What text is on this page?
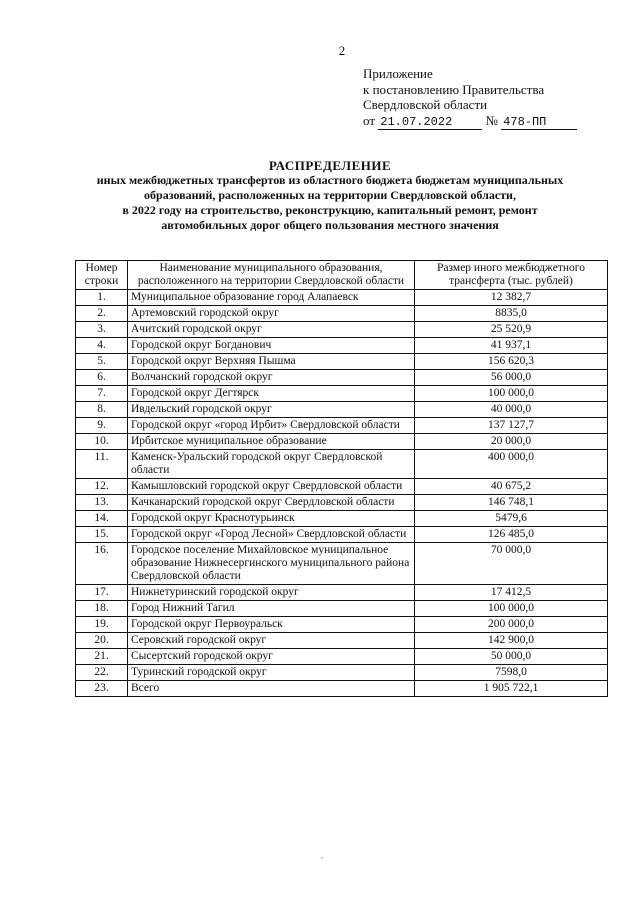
2
Приложение
к постановлению Правительства
Свердловской области
от 21.07.2022	№ 478-ПП
РАСПРЕДЕЛЕНИЕ
иных межбюджетных трансфертов из областного бюджета бюджетам муниципальных
образований, расположенных на территории Свердловской области,
в 2022 году на строительство, реконструкцию, капитальный ремонт, ремонт
автомобильных дорог общего пользования местного значения
Номер строки	Наименование муниципального образования, расположенного на территории Свердловской области	Размер иного межбюджетного трансферта (тыс. рублей)
1.	Муниципальное образование город Алапаевск	12 382,7
2.	Артемовский городской округ	8835,0
3.	Ачитский городской округ	25 520,9
4.	Городской округ Богданович	41 937,1
5.	Городской округ Верхняя Пышма	156 620,3
6.	Волчанский городской округ	56 000,0
7.	Городской округ Дегтярск	100 000,0
8.	Ивдельский городской округ	40 000,0
9.	Городской округ «город Ирбит» Свердловской области	137 127,7
10.	Ирбитское муниципальное образование	20 000,0
11.	Каменск-Уральский городской округ Свердловской области	400 000,0
12.	Камышловский городской округ Свердловской области	40 675,2
13.	Качканарский городской округ Свердловской области	146 748,1
14.	Городской округ Краснотурьинск	5479,6
15.	Городской округ «Город Лесной» Свердловской области	126 485,0
16.	Городское поселение Михайловское муниципальное образование Нижнесергинского муниципального района Свердловской области	70 000,0
17.	Нижнетуринский городской округ	17 412,5
18.	Город Нижний Тагил	100 000,0
19.	Городской округ Первоуральск	200 000,0
20.	Серовский городской округ	142 900,0
21.	Сысертский городской округ	50 000,0
22.	Туринский городской округ	7598,0
23.	Всего	1 905 722,1
